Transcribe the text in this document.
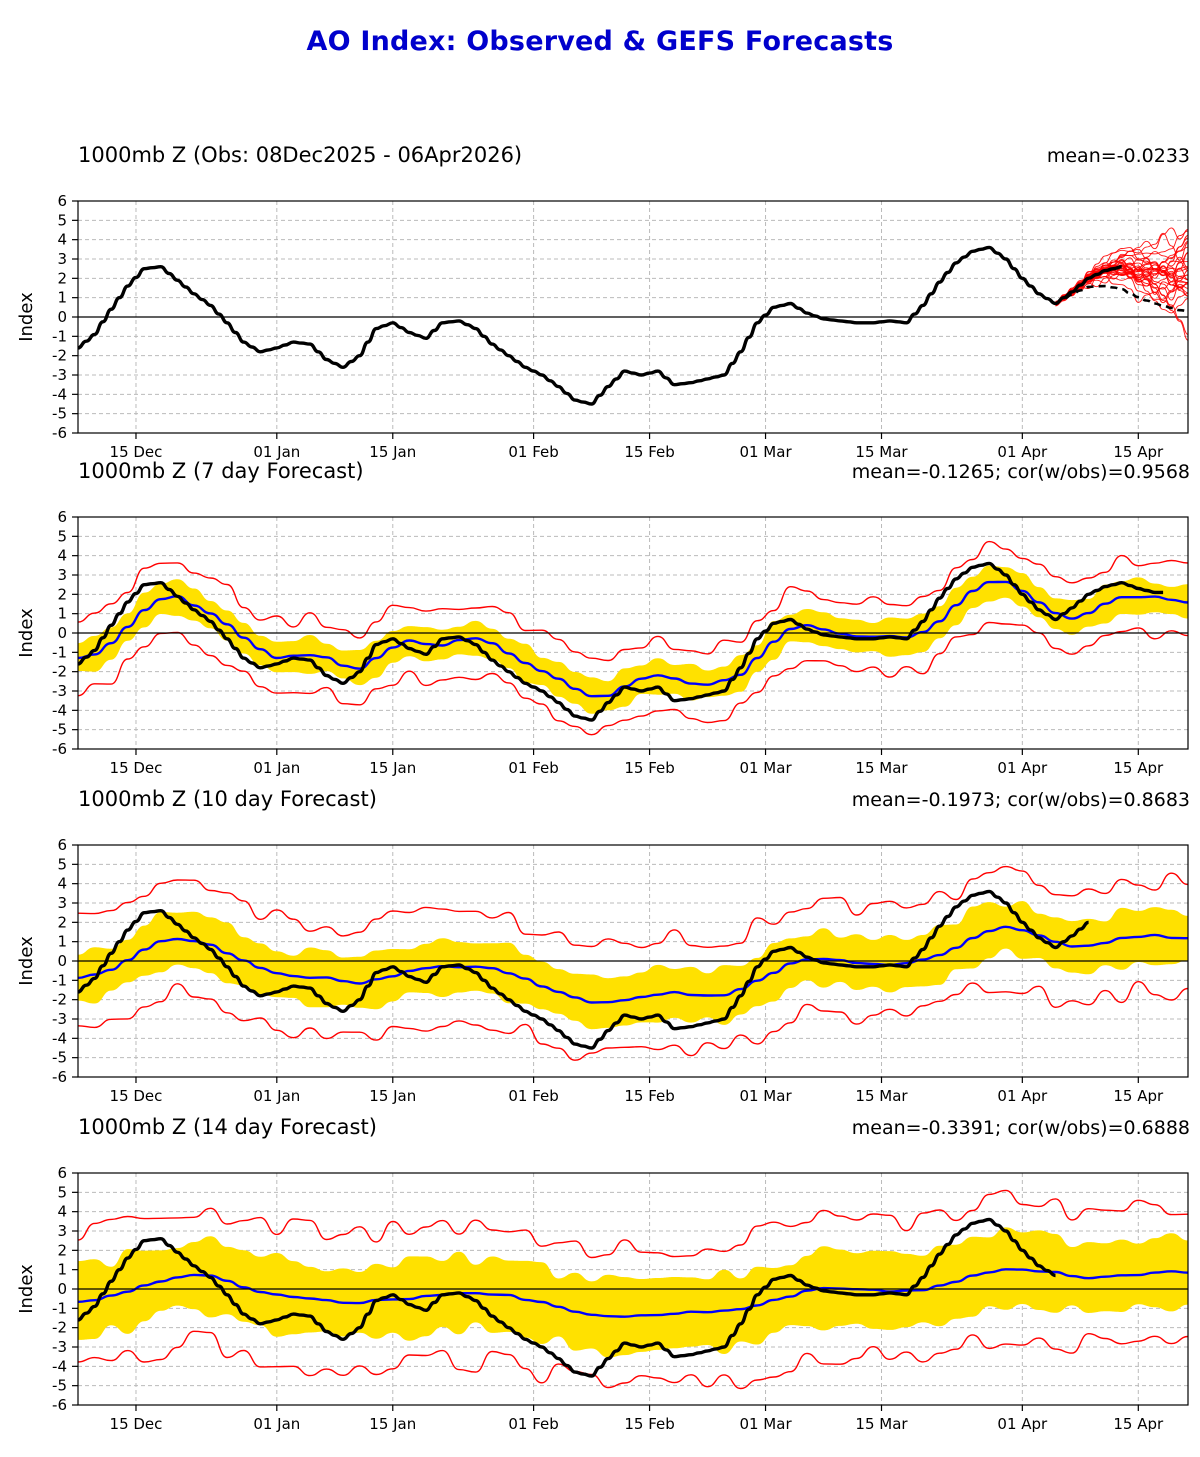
AO Index: Observed & GEFS Forecasts
1000mb Z (Obs: 08Dec2025 - 06Apr2026)	mean=-0.0233
6
5
4
3
2
1
0
-1
-2
-3
-4
-5
-6
15 Dec	01 Jan	15 Jan	01 Feb	15 Feb	01 Mar	15 Mar	01 Apr	15 Apr
Index
1000mb Z (7 day Forecast)	mean=-0.1265; cor(w/obs)=0.9568
6
5
4
3
2
1
0
-1
-2
-3
-4
-5
-6
15 Dec	01 Jan	15 Jan	01 Feb	15 Feb	01 Mar	15 Mar	01 Apr	15 Apr
Index
1000mb Z (10 day Forecast)	mean=-0.1973; cor(w/obs)=0.8683
6
5
4
3
2
1
0
-1
-2
-3
-4
-5
-6
15 Dec	01 Jan	15 Jan	01 Feb	15 Feb	01 Mar	15 Mar	01 Apr	15 Apr
Index
1000mb Z (14 day Forecast)	mean=-0.3391; cor(w/obs)=0.6888
6
5
4
3
2
1
0
-1
-2
-3
-4
-5
-6
15 Dec	01 Jan	15 Jan	01 Feb	15 Feb	01 Mar	15 Mar	01 Apr	15 Apr
Index
